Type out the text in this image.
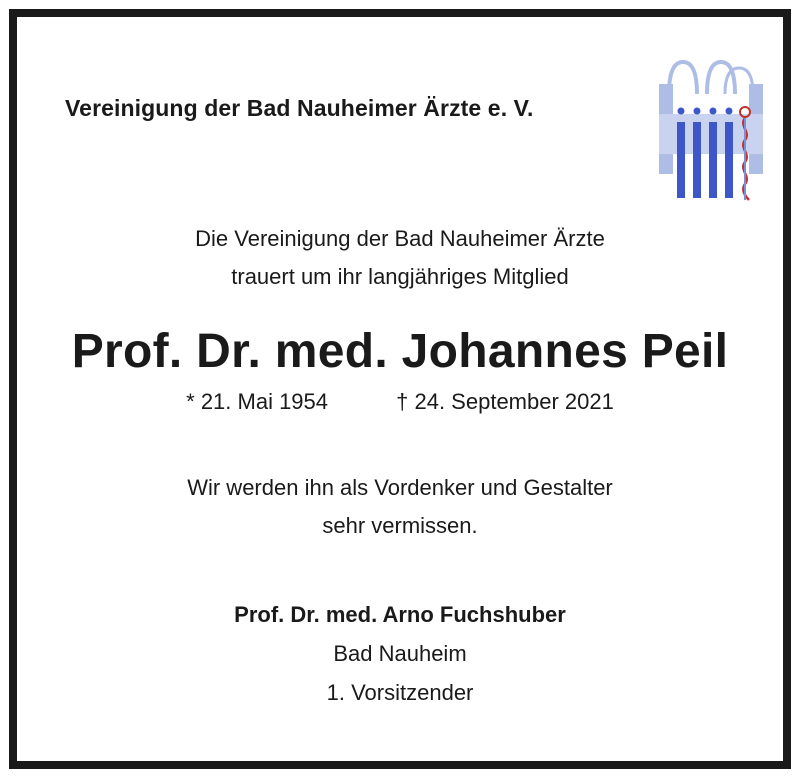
Vereinigung der Bad Nauheimer Ärzte e. V.
Die Vereinigung der Bad Nauheimer Ärzte
trauert um ihr langjähriges Mitglied
Prof. Dr. med. Johannes Peil
* 21. Mai 1954	† 24. September 2021
Wir werden ihn als Vordenker und Gestalter
sehr vermissen.
Prof. Dr. med. Arno Fuchshuber
Bad Nauheim
1. Vorsitzender
